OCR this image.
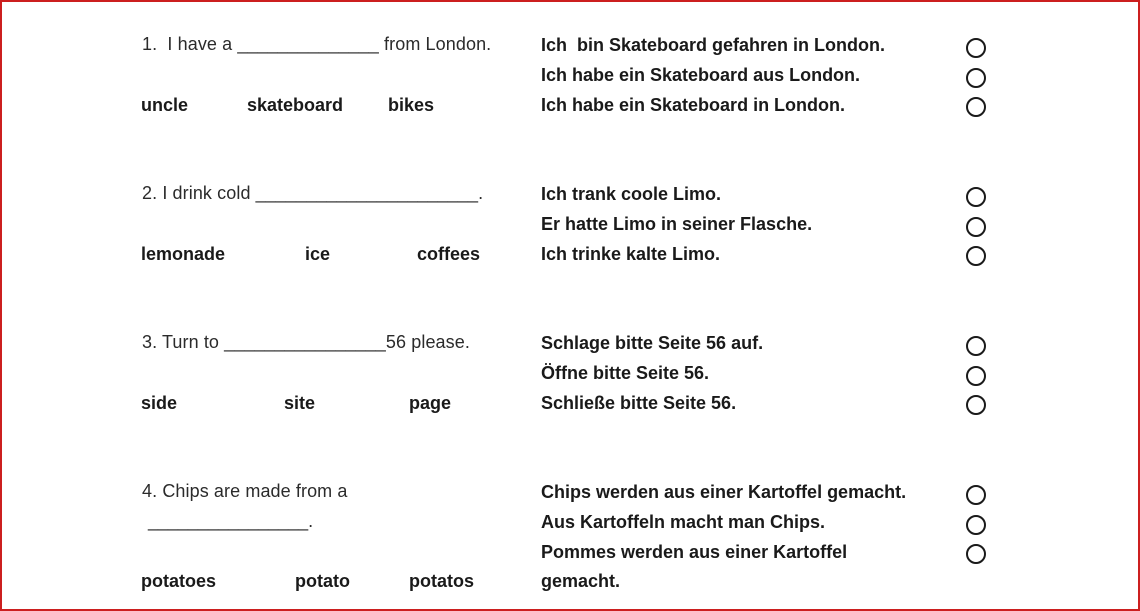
1.  I have a ______________ from London.
uncle	skateboard bikes
Ich  bin Skateboard gefahren in London.
Ich habe ein Skateboard aus London.
Ich habe ein Skateboard in London.
2. I drink cold ______________________.
lemonade	ice	coffees
Ich trank coole Limo.
Er hatte Limo in seiner Flasche.
Ich trinke kalte Limo.
3. Turn to ________________56 please.
side	site	page
Schlage bitte Seite 56 auf.
Öffne bitte Seite 56.
Schließe bitte Seite 56.
4. Chips are made from a
________________.
potatoes	potato	potatos
Chips werden aus einer Kartoffel gemacht.
Aus Kartoffeln macht man Chips.
Pommes werden aus einer Kartoffel
gemacht.
